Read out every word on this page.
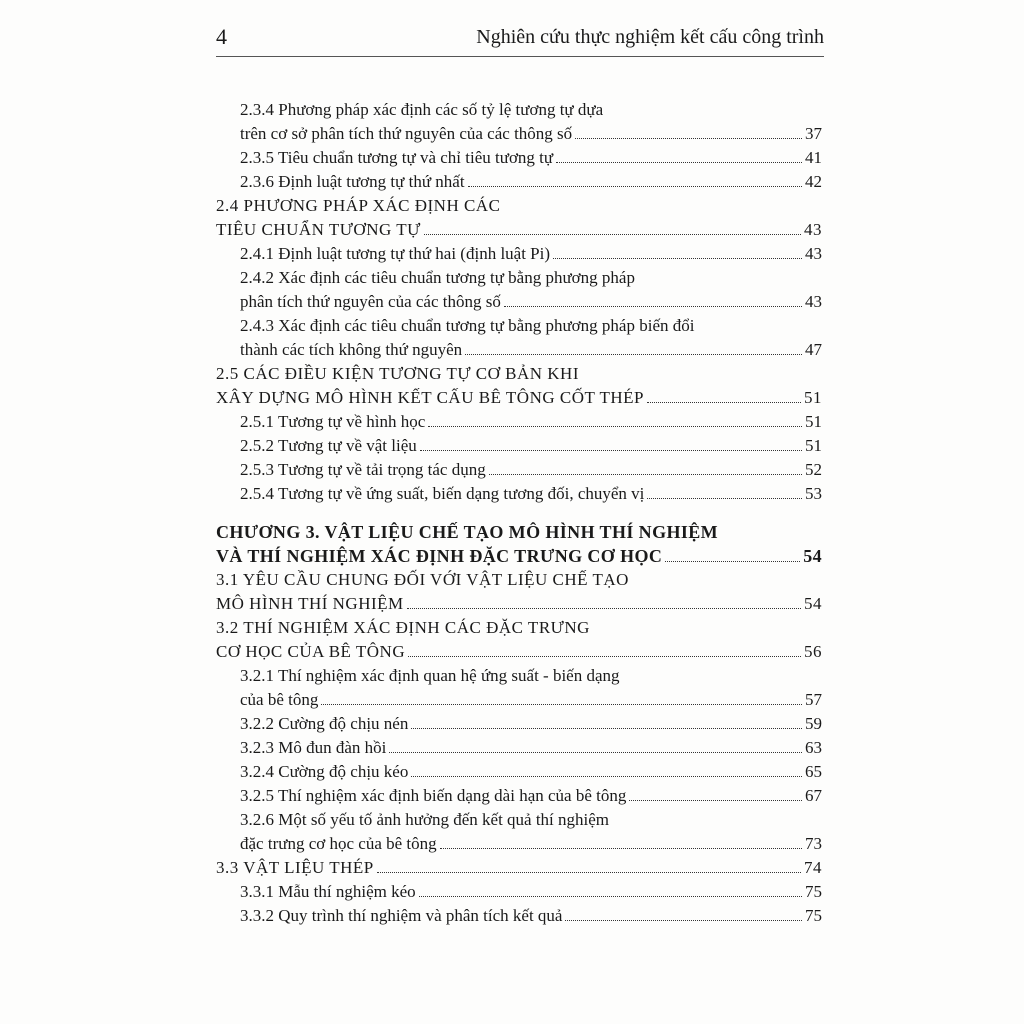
4	Nghiên cứu thực nghiệm kết cấu công trình
2.3.4 Phương pháp xác định các số tỷ lệ tương tự dựa
trên cơ sở phân tích thứ nguyên của các thông số	37
2.3.5 Tiêu chuẩn tương tự và chỉ tiêu tương tự	41
2.3.6 Định luật tương tự thứ nhất	42
2.4 PHƯƠNG PHÁP XÁC ĐỊNH CÁC
TIÊU CHUẨN TƯƠNG TỰ	43
2.4.1 Định luật tương tự thứ hai (định luật Pi)	43
2.4.2 Xác định các tiêu chuẩn tương tự bằng phương pháp
phân tích thứ nguyên của các thông số	43
2.4.3 Xác định các tiêu chuẩn tương tự bằng phương pháp biến đổi
thành các tích không thứ nguyên	47
2.5 CÁC ĐIỀU KIỆN TƯƠNG TỰ CƠ BẢN KHI
XÂY DỰNG MÔ HÌNH KẾT CẤU BÊ TÔNG CỐT THÉP	51
2.5.1 Tương tự về hình học	51
2.5.2 Tương tự về vật liệu	51
2.5.3 Tương tự về tải trọng tác dụng	52
2.5.4 Tương tự về ứng suất, biến dạng tương đối, chuyển vị	53
CHƯƠNG 3. VẬT LIỆU CHẾ TẠO MÔ HÌNH THÍ NGHIỆM
VÀ THÍ NGHIỆM XÁC ĐỊNH ĐẶC TRƯNG CƠ HỌC	54
3.1 YÊU CẦU CHUNG ĐỐI VỚI VẬT LIỆU CHẾ TẠO
MÔ HÌNH THÍ NGHIỆM	54
3.2 THÍ NGHIỆM XÁC ĐỊNH CÁC ĐẶC TRƯNG
CƠ HỌC CỦA BÊ TÔNG	56
3.2.1 Thí nghiệm xác định quan hệ ứng suất - biến dạng
của bê tông	57
3.2.2 Cường độ chịu nén	59
3.2.3 Mô đun đàn hồi	63
3.2.4 Cường độ chịu kéo	65
3.2.5 Thí nghiệm xác định biến dạng dài hạn của bê tông	67
3.2.6 Một số yếu tố ảnh hưởng đến kết quả thí nghiệm
đặc trưng cơ học của bê tông	73
3.3 VẬT LIỆU THÉP	74
3.3.1 Mẫu thí nghiệm kéo	75
3.3.2 Quy trình thí nghiệm và phân tích kết quả	75
